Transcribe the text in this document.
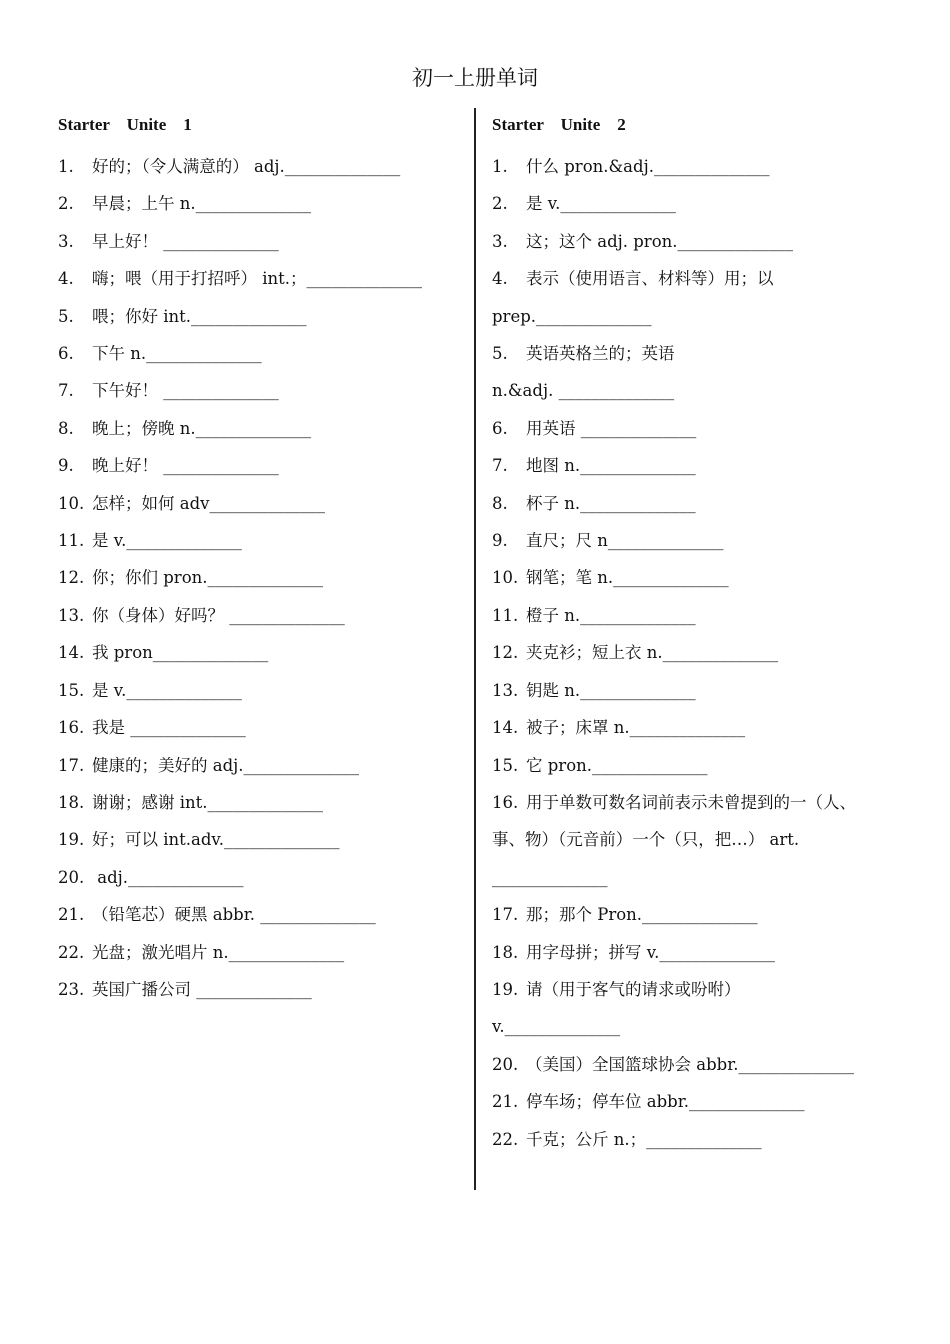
初一上册单词
Starter    Unite    1
1. 好的；（令人满意的） adj.______________
2. 早晨；上午 n.______________
3. 早上好！ ______________
4. 嗨；喂（用于打招呼） int.；______________
5. 喂；你好 int.______________
6. 下午 n.______________
7. 下午好！ ______________
8. 晚上；傍晚 n.______________
9. 晚上好！ ______________
10. 怎样；如何 adv______________
11. 是 v.______________
12. 你；你们 pron.______________
13. 你（身体）好吗？ ______________
14. 我 pron______________
15. 是 v.______________
16. 我是 ______________
17. 健康的；美好的 adj.______________
18. 谢谢；感谢 int.______________
19. 好；可以 int.adv.______________
20. adj.______________
21. （铅笔芯）硬黑 abbr. ______________
22. 光盘；激光唱片 n.______________
23. 英国广播公司 ______________
Starter    Unite    2
1. 什么 pron.&adj.______________
2. 是 v.______________
3. 这；这个 adj. pron.______________
4. 表示（使用语言、材料等）用；以
prep.______________
5. 英语英格兰的；英语
n.&adj. ______________
6. 用英语 ______________
7. 地图 n.______________
8. 杯子 n.______________
9. 直尺；尺 n______________
10. 钢笔；笔 n.______________
11. 橙子 n.______________
12. 夹克衫；短上衣 n.______________
13. 钥匙 n.______________
14. 被子；床罩 n.______________
15. 它 pron.______________
16. 用于单数可数名词前表示未曾提到的一（人、
事、物）（元音前）一个（只，把…） art.
______________
17. 那；那个 Pron.______________
18. 用字母拼；拼写 v.______________
19. 请（用于客气的请求或吩咐）
v.______________
20. （美国）全国篮球协会 abbr.______________
21. 停车场；停车位 abbr.______________
22. 千克；公斤 n.；______________
